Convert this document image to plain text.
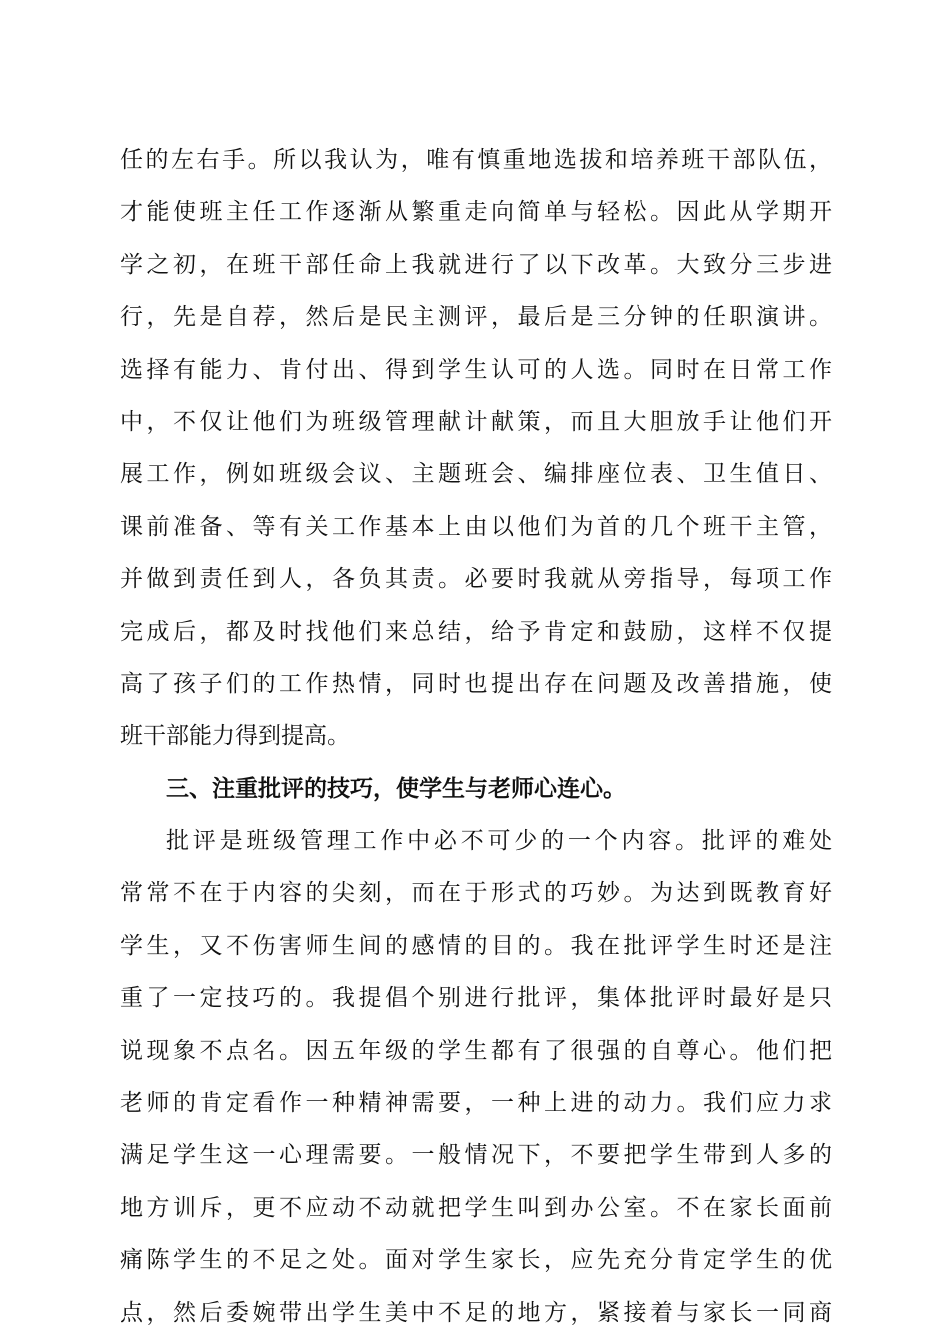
任的左右手。所以我认为，唯有慎重地选拔和培养班干部队伍，
才能使班主任工作逐渐从繁重走向简单与轻松。因此从学期开
学之初，在班干部任命上我就进行了以下改革。大致分三步进
行，先是自荐，然后是民主测评，最后是三分钟的任职演讲。
选择有能力、肯付出、得到学生认可的人选。同时在日常工作
中，不仅让他们为班级管理献计献策，而且大胆放手让他们开
展工作，例如班级会议、主题班会、编排座位表、卫生值日、
课前准备、等有关工作基本上由以他们为首的几个班干主管，
并做到责任到人，各负其责。必要时我就从旁指导，每项工作
完成后，都及时找他们来总结，给予肯定和鼓励，这样不仅提
高了孩子们的工作热情，同时也提出存在问题及改善措施，使
班干部能力得到提高。
三、注重批评的技巧，使学生与老师心连心。
批评是班级管理工作中必不可少的一个内容。批评的难处
常常不在于内容的尖刻，而在于形式的巧妙。为达到既教育好
学生，又不伤害师生间的感情的目的。我在批评学生时还是注
重了一定技巧的。我提倡个别进行批评，集体批评时最好是只
说现象不点名。因五年级的学生都有了很强的自尊心。他们把
老师的肯定看作一种精神需要，一种上进的动力。我们应力求
满足学生这一心理需要。一般情况下，不要把学生带到人多的
地方训斥，更不应动不动就把学生叫到办公室。不在家长面前
痛陈学生的不足之处。面对学生家长，应先充分肯定学生的优
点，然后委婉带出学生美中不足的地方，紧接着与家长一同商
